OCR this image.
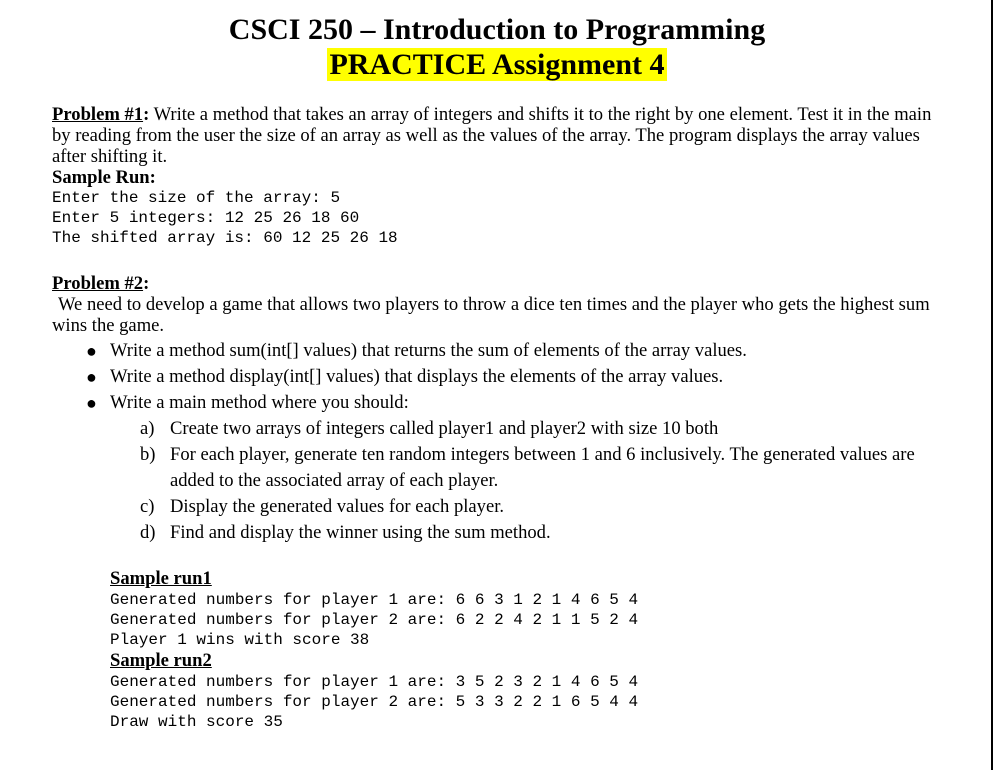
CSCI 250 – Introduction to Programming
PRACTICE Assignment 4

Problem #1: Write a method that takes an array of integers and shifts it to the right by one element. Test it in the main by reading from the user the size of an array as well as the values of the array. The program displays the array values after shifting it.

Sample Run:

Enter the size of the array: 5

Enter 5 integers: 12 25 26 18 60

The shifted array is: 60 12 25 26 18

Problem #2:

We need to develop a game that allows two players to throw a dice ten times and the player who gets the highest sum wins the game.

● Write a method sum(int[] values) that returns the sum of elements of the array values.
● Write a method display(int[] values) that displays the elements of the array values.
● Write a main method where you should:
a) Create two arrays of integers called player1 and player2 with size 10 both
b) For each player, generate ten random integers between 1 and 6 inclusively. The generated values are added to the associated array of each player.
c) Display the generated values for each player.
d) Find and display the winner using the sum method.

Sample run1

Generated numbers for player 1 are: 6 6 3 1 2 1 4 6 5 4

Generated numbers for player 2 are: 6 2 2 4 2 1 1 5 2 4

Player 1 wins with score 38

Sample run2

Generated numbers for player 1 are: 3 5 2 3 2 1 4 6 5 4

Generated numbers for player 2 are: 5 3 3 2 2 1 6 5 4 4

Draw with score 35
